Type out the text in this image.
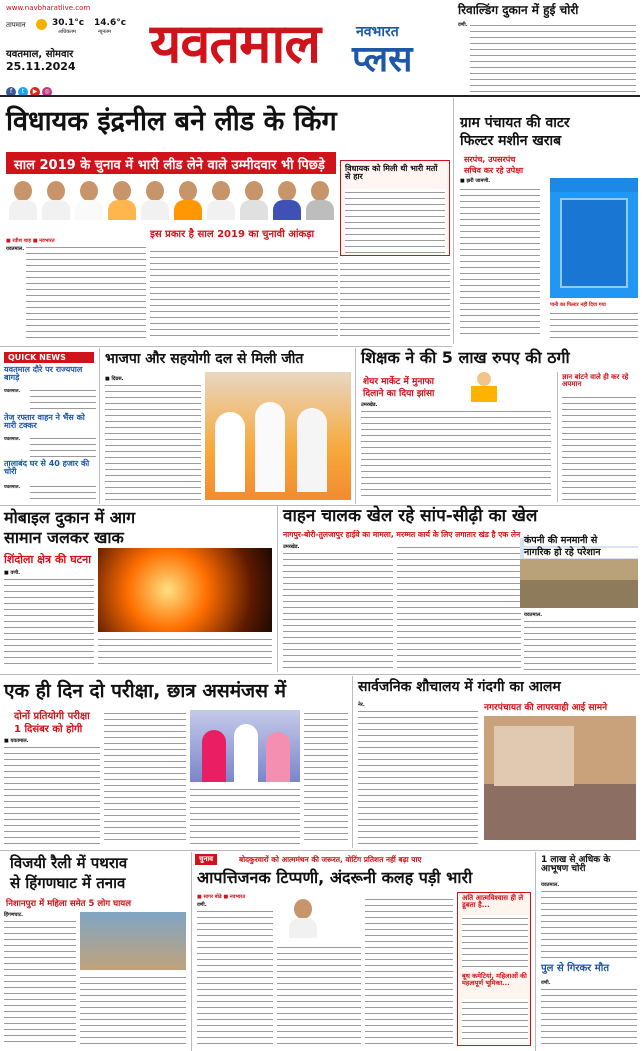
www.navbharatlive.com
तापमान	30.1°c
अधिकतम
14.6°c
न्यूनतम
यवतमाल, सोमवार
25.11.2024
f t ▶ ◎
यवतमाल	नवभारत
प्लस
रिवाल्डिंग दुकान में हुई चोरी
वणी.
विधायक इंद्रनील बने लीड के किंग
साल 2019 के चुनाव में भारी लीड लेने वाले उम्मीदवार भी पिछड़े	विधायक को मिली थी भारी मतों से हार
■ रवीश शाह ■ नवभारत
यवतमाल.
इस प्रकार है साल 2019 का चुनावी आंकड़ा
ग्राम पंचायत की वाटर
फिल्टर मशीन खराब
सरपंच, उपसरपंच
सचिव कर रहे उपेक्षा
■ झरी जामणी.
पानी का फिल्टर नहीं दिया गया
QUICK NEWS
यवतमाल दौरे पर राज्यपाल बागड़े
यवतमाल.
तेज रफ्तार वाहन ने भैंस को मारी टक्कर
यवतमाल.
तालाबंद घर से 40 हजार की चोरी
यवतमाल.
भाजपा और सहयोगी दल से मिली जीत
■ दिग्रस.
शिक्षक ने की 5 लाख रुपए की ठगी
शेयर मार्केट में मुनाफा
दिलाने का दिया झांसा
उमरखेड.
ज्ञान बांटने वाले ही कर रहे अपमान
मोबाइल दुकान में आग
सामान जलकर खाक
शिंदोला क्षेत्र की घटना
■ वणी.
वाहन चालक खेल रहे सांप-सीढ़ी का खेल
नागपुर-बोरी-तुलजापुर हाईवे का मामला, मरम्मत कार्य के लिए लगातार खंड है एक लेन
उमरखेड.
कंपनी की मनमानी से
नागरिक हो रहे परेशान
यवतमाल.
एक ही दिन दो परीक्षा, छात्र असमंजस में
दोनों प्रतियोगी परीक्षा
1 दिसंबर को होगी
■ यवतमाल.
सार्वजनिक शौचालय में गंदगी का आलम
नेर.	नगरपंचायत की लापरवाही आई सामने
विजयी रैली में पथराव
से हिंगणघाट में तनाव
निशानपुरा में महिला समेत 5 लोग घायल
हिंगणघाट.
चुनाव	बोदकुरवारों को आत्ममंथन की जरूरत, वोटिंग प्रतिशत नहीं बढ़ा पाए
आपत्तिजनक टिप्पणी, अंदरूनी कलह पड़ी भारी
■ सागर बोढे ■ नवभारत
वणी.
अति आत्मविश्वास ही ले डूबता है...
बूथ कमेटियां, महिलाओं की महत्वपूर्ण भूमिका...
1 लाख से अधिक के आभूषण चोरी
यवतमाल.
पुल से गिरकर मौत
वणी.
